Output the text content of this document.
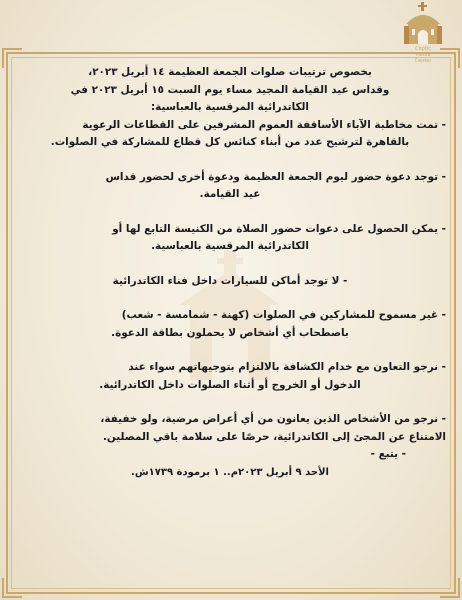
Coptic
Media
Center

بخصوص ترتيبات صلوات الجمعة العظيمة ١٤ أبريل ٢٠٢٣،

وقداس عيد القيامة المجيد مساء يوم السبت ١٥ أبريل ٢٠٢٣ في

الكاتدرائية المرقسية بالعباسية:

- تمت مخاطبة الآباء الأساقفة العموم المشرفين على القطاعات الرعوية

بالقاهرة لترشيح عدد من أبناء كنائس كل قطاع للمشاركة في الصلوات.

- توجد دعوة حضور ليوم الجمعة العظيمة ودعوة أخرى لحضور قداس

عيد القيامة.

- يمكن الحصول على دعوات حضور الصلاة من الكنيسة التابع لها أو

الكاتدرائية المرقسية بالعباسية.

- لا توجد أماكن للسيارات داخل فناء الكاتدرائية

- غير مسموح للمشاركين في الصلوات (كهنة - شمامسة - شعب)

باصطحاب أي أشخاص لا يحملون بطاقة الدعوة.

- نرجو التعاون مع خدام الكشافة بالالتزام بتوجيهاتهم سواء عند

الدخول أو الخروج أو أثناء الصلوات داخل الكاتدرائية.

- نرجو من الأشخاص الذين يعانون من أي أعراض مرضية، ولو خفيفة،

الامتناع عن المجئ إلى الكاتدرائية، حرصًا على سلامة باقي المصلين.

- يتبع -

الأحد ٩ أبريل ٢٠٢٣م.. ١ برمودة ١٧٣٩ش.
